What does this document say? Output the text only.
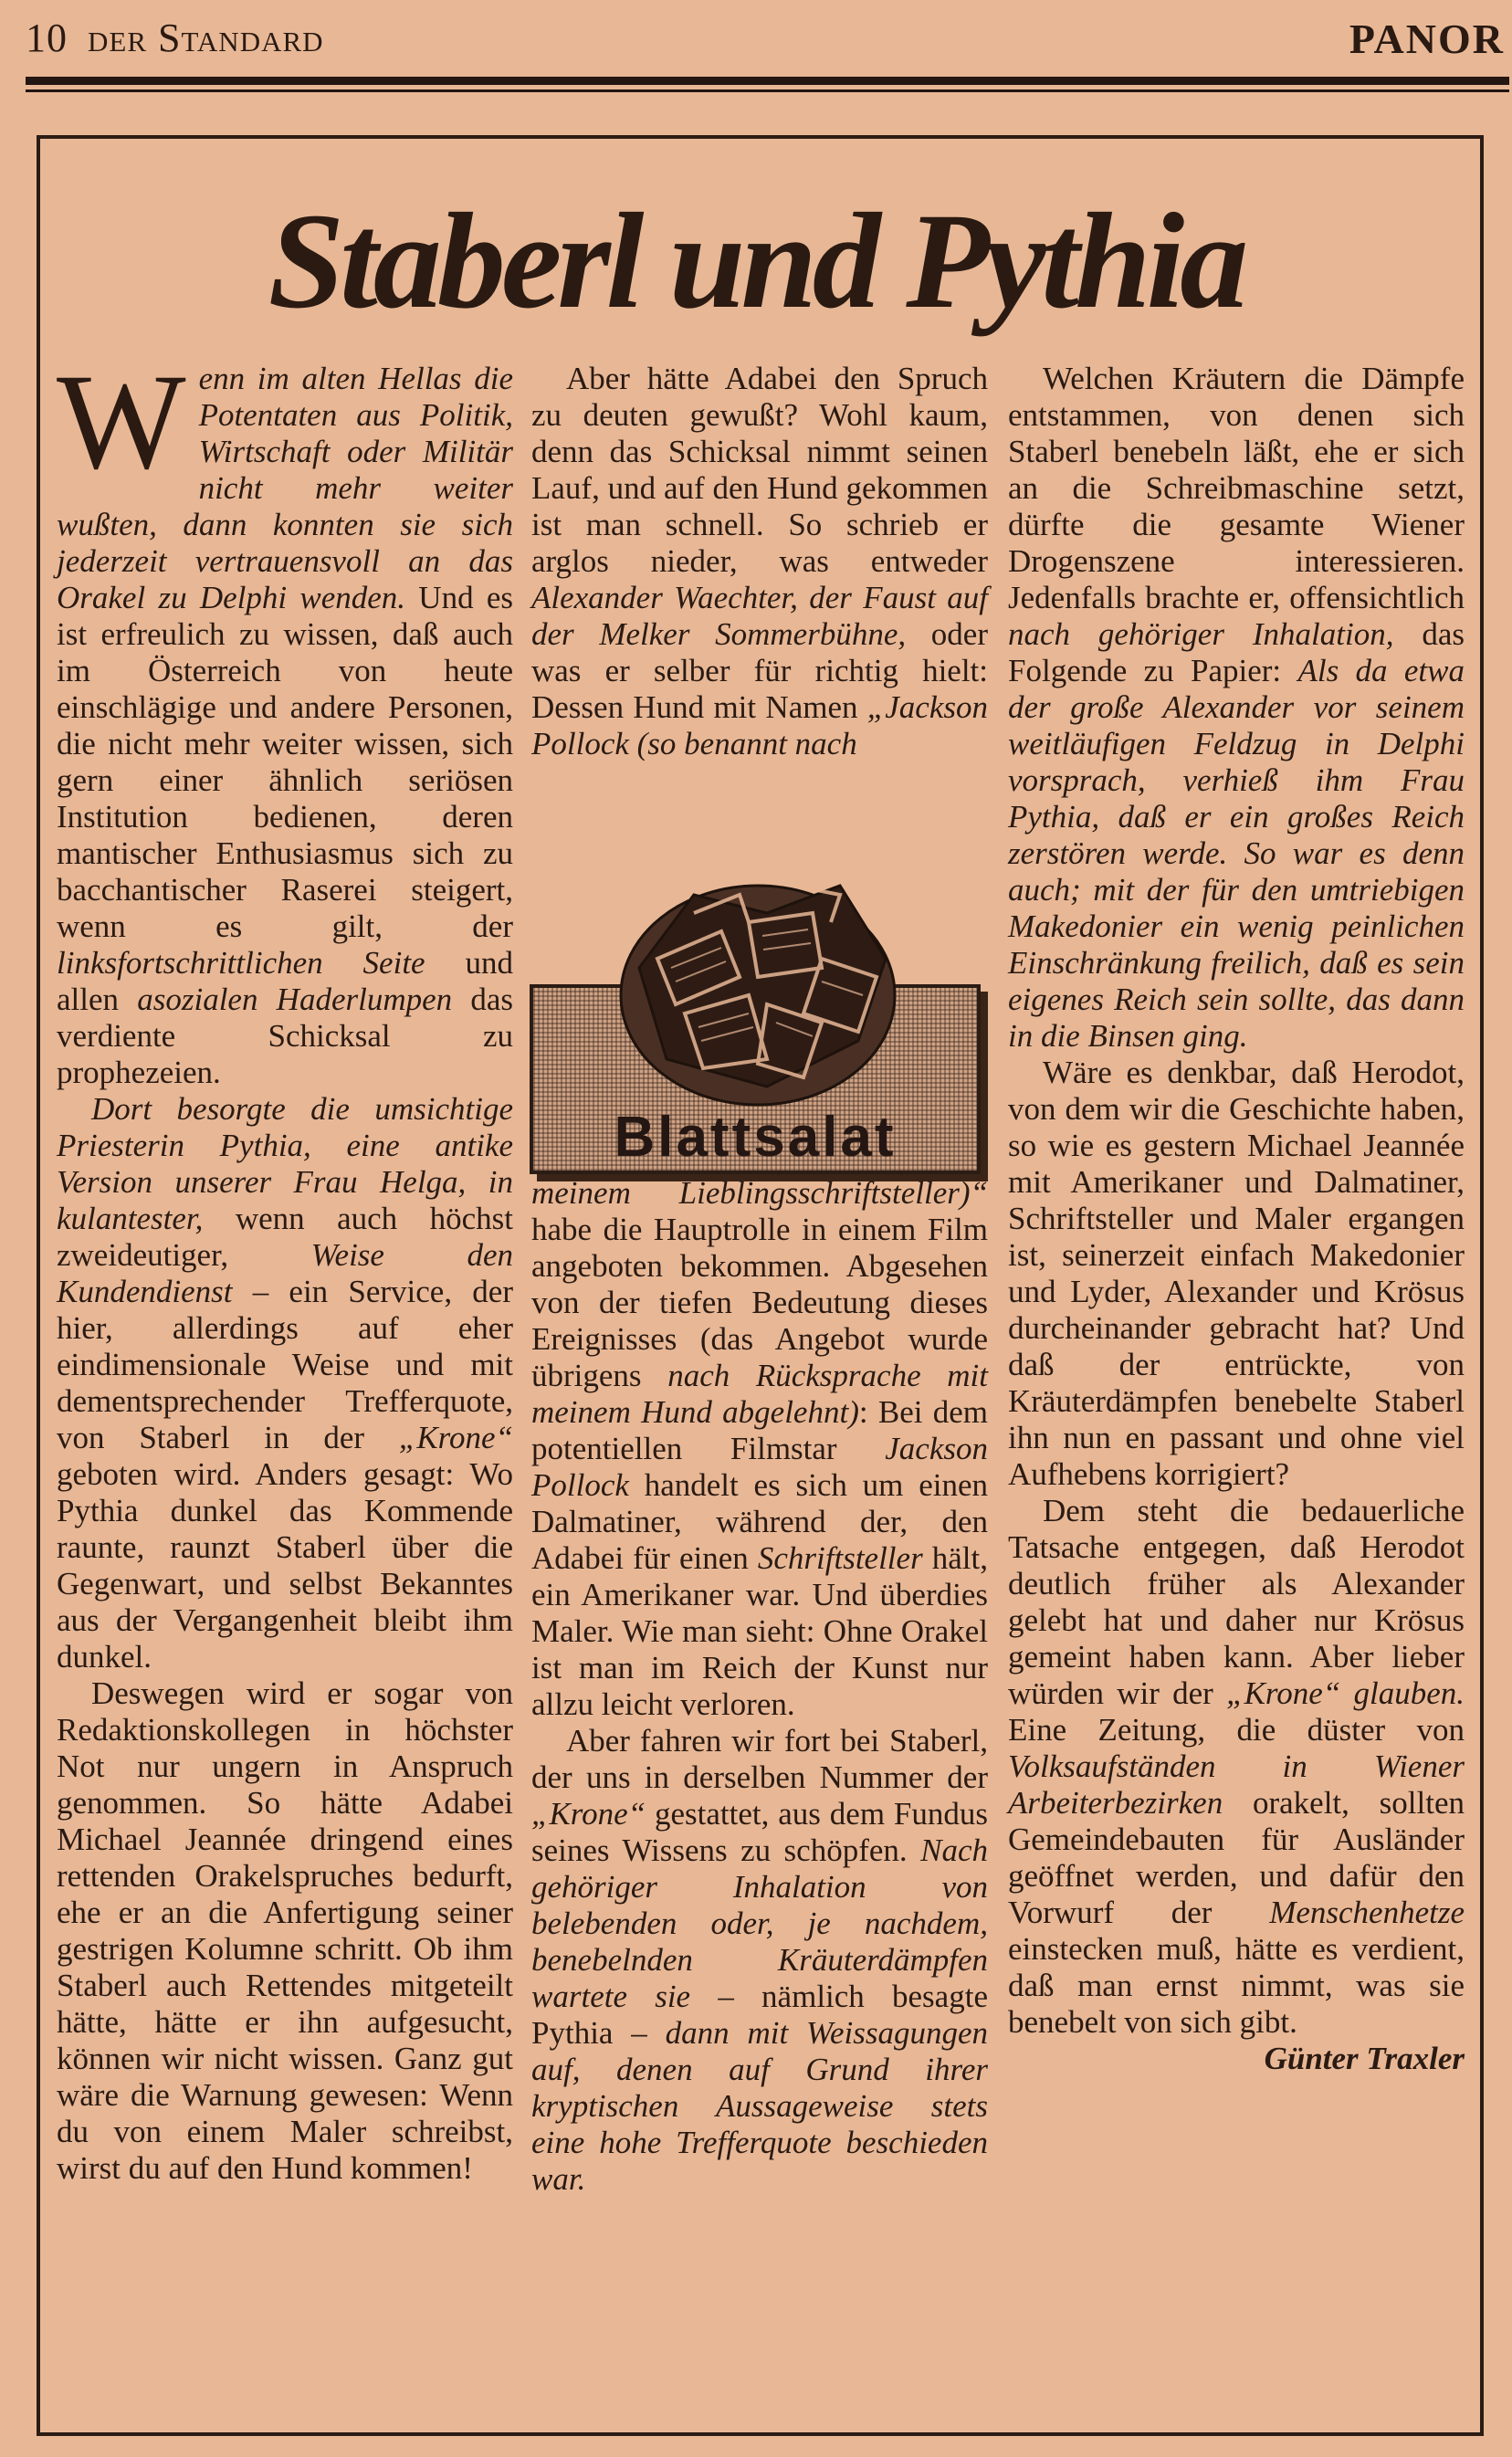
10 der Standard	PANOR
Staberl und Pythia

Wenn im alten Hellas die Potentaten aus Politik, Wirtschaft oder Militär nicht mehr weiter wußten, dann konnten sie sich jederzeit vertrauensvoll an das Orakel zu Delphi wenden. Und es ist erfreulich zu wissen, daß auch im Österreich von heute einschlägige und andere Personen, die nicht mehr weiter wissen, sich gern einer ähnlich seriösen Institution bedienen, deren mantischer Enthusiasmus sich zu bacchantischer Raserei steigert, wenn es gilt, der linksfortschrittlichen Seite und allen asozialen Haderlumpen das verdiente Schicksal zu prophezeien.

Dort besorgte die umsichtige Priesterin Pythia, eine antike Version unserer Frau Helga, in kulantester, wenn auch höchst zweideutiger, Weise den Kundendienst – ein Service, der hier, allerdings auf eher eindimensionale Weise und mit dementsprechender Trefferquote, von Staberl in der „Krone“ geboten wird. Anders gesagt: Wo Pythia dunkel das Kommende raunte, raunzt Staberl über die Gegenwart, und selbst Bekanntes aus der Vergangenheit bleibt ihm dunkel.

Deswegen wird er sogar von Redaktionskollegen in höchster Not nur ungern in Anspruch genommen. So hätte Adabei Michael Jeannée dringend eines rettenden Orakelspruches bedurft, ehe er an die Anfertigung seiner gestrigen Kolumne schritt. Ob ihm Staberl auch Rettendes mitgeteilt hätte, hätte er ihn aufgesucht, können wir nicht wissen. Ganz gut wäre die Warnung gewesen: Wenn du von einem Maler schreibst, wirst du auf den Hund kommen!

Aber hätte Adabei den Spruch zu deuten gewußt? Wohl kaum, denn das Schicksal nimmt seinen Lauf, und auf den Hund gekommen ist man schnell. So schrieb er arglos nieder, was entweder Alexander Waechter, der Faust auf der Melker Sommerbühne, oder was er selber für richtig hielt: Dessen Hund mit Namen „Jackson Pollock (so benannt nach

meinem Lieblingsschriftsteller)“ habe die Hauptrolle in einem Film angeboten bekommen. Abgesehen von der tiefen Bedeutung dieses Ereignisses (das Angebot wurde übrigens nach Rücksprache mit meinem Hund abgelehnt): Bei dem potentiellen Filmstar Jackson Pollock handelt es sich um einen Dalmatiner, während der, den Adabei für einen Schriftsteller hält, ein Amerikaner war. Und überdies Maler. Wie man sieht: Ohne Orakel ist man im Reich der Kunst nur allzu leicht verloren.

Aber fahren wir fort bei Staberl, der uns in derselben Nummer der „Krone“ gestattet, aus dem Fundus seines Wissens zu schöpfen. Nach gehöriger Inhalation von belebenden oder, je nachdem, benebelnden Kräuterdämpfen wartete sie – nämlich besagte Pythia – dann mit Weissagungen auf, denen auf Grund ihrer kryptischen Aussageweise stets eine hohe Trefferquote beschieden war.

Blattsalat

Welchen Kräutern die Dämpfe entstammen, von denen sich Staberl benebeln läßt, ehe er sich an die Schreibmaschine setzt, dürfte die gesamte Wiener Drogenszene interessieren. Jedenfalls brachte er, offensichtlich nach gehöriger Inhalation, das Folgende zu Papier: Als da etwa der große Alexander vor seinem weitläufigen Feldzug in Delphi vorsprach, verhieß ihm Frau Pythia, daß er ein großes Reich zerstören werde. So war es denn auch; mit der für den umtriebigen Makedonier ein wenig peinlichen Einschränkung freilich, daß es sein eigenes Reich sein sollte, das dann in die Binsen ging.

Wäre es denkbar, daß Herodot, von dem wir die Geschichte haben, so wie es gestern Michael Jeannée mit Amerikaner und Dalmatiner, Schriftsteller und Maler ergangen ist, seinerzeit einfach Makedonier und Lyder, Alexander und Krösus durcheinander gebracht hat? Und daß der entrückte, von Kräuterdämpfen benebelte Staberl ihn nun en passant und ohne viel Aufhebens korrigiert?

Dem steht die bedauerliche Tatsache entgegen, daß Herodot deutlich früher als Alexander gelebt hat und daher nur Krösus gemeint haben kann. Aber lieber würden wir der „Krone“ glauben. Eine Zeitung, die düster von Volksaufständen in Wiener Arbeiterbezirken orakelt, sollten Gemeindebauten für Ausländer geöffnet werden, und dafür den Vorwurf der Menschenhetze einstecken muß, hätte es verdient, daß man ernst nimmt, was sie benebelt von sich gibt.

Günter Traxler
